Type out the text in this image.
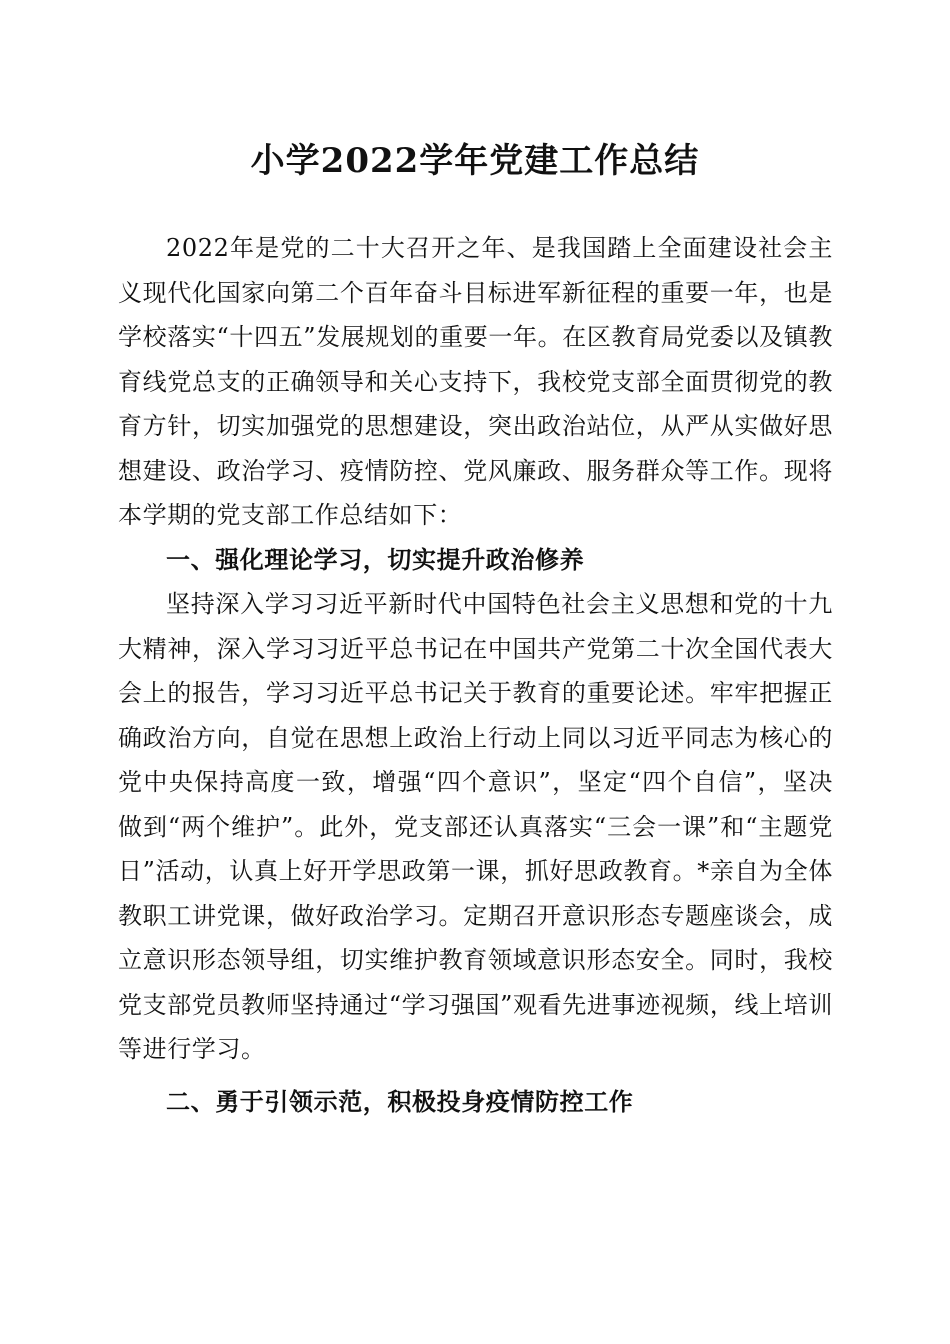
小学2022学年党建工作总结

2022年是党的二十大召开之年、是我国踏上全面建设社会主义现代化国家向第二个百年奋斗目标进军新征程的重要一年，也是学校落实“十四五”发展规划的重要一年。在区教育局党委以及镇教育线党总支的正确领导和关心支持下，我校党支部全面贯彻党的教育方针，切实加强党的思想建设，突出政治站位，从严从实做好思想建设、政治学习、疫情防控、党风廉政、服务群众等工作。现将本学期的党支部工作总结如下：

一、强化理论学习，切实提升政治修养

坚持深入学习习近平新时代中国特色社会主义思想和党的十九大精神，深入学习习近平总书记在中国共产党第二十次全国代表大会上的报告，学习习近平总书记关于教育的重要论述。牢牢把握正确政治方向，自觉在思想上政治上行动上同以习近平同志为核心的党中央保持高度一致，增强“四个意识”，坚定“四个自信”，坚决做到“两个维护”。此外，党支部还认真落实“三会一课”和“主题党日”活动，认真上好开学思政第一课，抓好思政教育。*亲自为全体教职工讲党课，做好政治学习。定期召开意识形态专题座谈会，成立意识形态领导组，切实维护教育领域意识形态安全。同时，我校党支部党员教师坚持通过“学习强国”观看先进事迹视频，线上培训等进行学习。

二、勇于引领示范，积极投身疫情防控工作
